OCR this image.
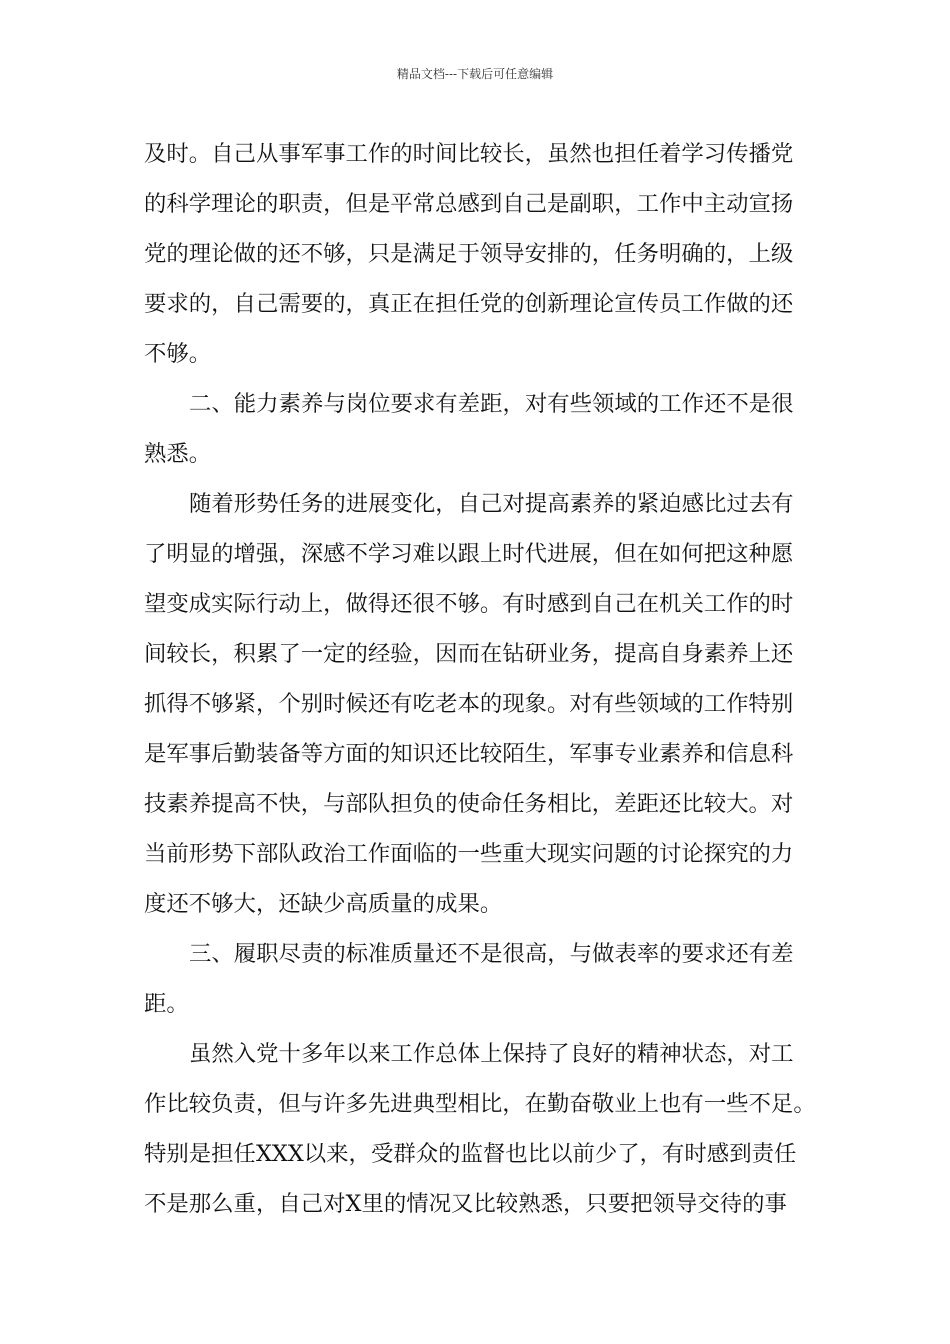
精品文档---下载后可任意编辑
及时。自己从事军事工作的时间比较长，虽然也担任着学习传播党
的科学理论的职责，但是平常总感到自己是副职，工作中主动宣扬
党的理论做的还不够，只是满足于领导安排的，任务明确的，上级
要求的，自己需要的，真正在担任党的创新理论宣传员工作做的还
不够。
二、能力素养与岗位要求有差距，对有些领域的工作还不是很
熟悉。
随着形势任务的进展变化，自己对提高素养的紧迫感比过去有
了明显的增强，深感不学习难以跟上时代进展，但在如何把这种愿
望变成实际行动上，做得还很不够。有时感到自己在机关工作的时
间较长，积累了一定的经验，因而在钻研业务，提高自身素养上还
抓得不够紧，个别时候还有吃老本的现象。对有些领域的工作特别
是军事后勤装备等方面的知识还比较陌生，军事专业素养和信息科
技素养提高不快，与部队担负的使命任务相比，差距还比较大。对
当前形势下部队政治工作面临的一些重大现实问题的讨论探究的力
度还不够大，还缺少高质量的成果。
三、履职尽责的标准质量还不是很高，与做表率的要求还有差
距。
虽然入党十多年以来工作总体上保持了良好的精神状态，对工
作比较负责，但与许多先进典型相比，在勤奋敬业上也有一些不足。
特别是担任XXX以来，受群众的监督也比以前少了，有时感到责任
不是那么重，自己对X里的情况又比较熟悉，只要把领导交待的事
